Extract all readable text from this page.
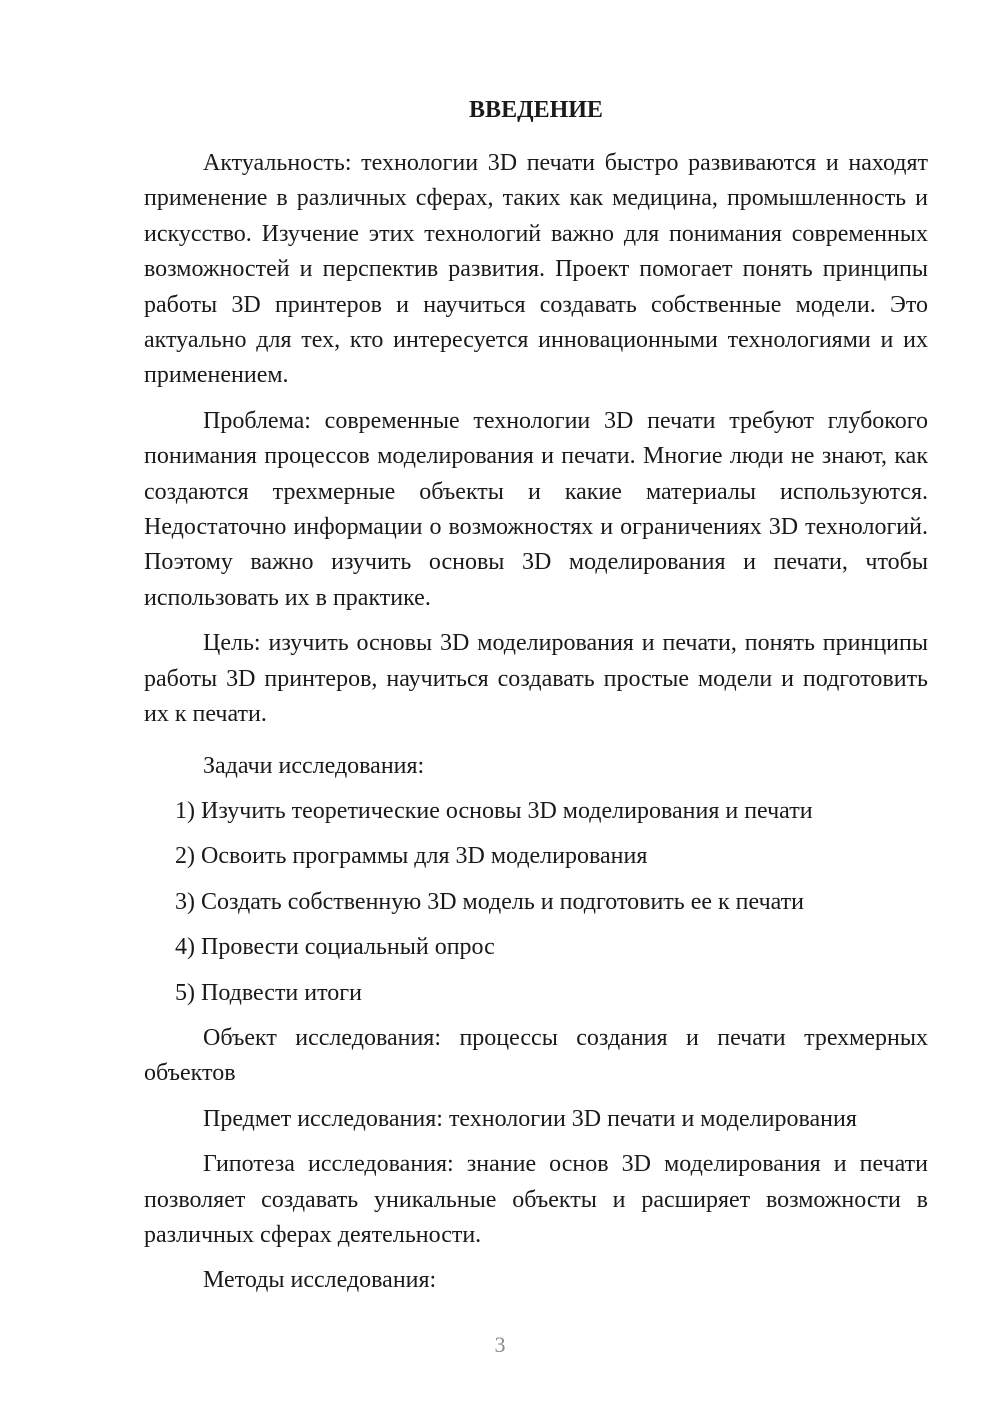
ВВЕДЕНИЕ

Актуальность: технологии 3D печати быстро развиваются и находят применение в различных сферах, таких как медицина, промышленность и искусство. Изучение этих технологий важно для понимания современных возможностей и перспектив развития. Проект помогает понять принципы работы 3D принтеров и научиться создавать собственные модели. Это актуально для тех, кто интересуется инновационными технологиями и их применением.

Проблема: современные технологии 3D печати требуют глубокого понимания процессов моделирования и печати. Многие люди не знают, как создаются трехмерные объекты и какие материалы используются. Недостаточно информации о возможностях и ограничениях 3D технологий. Поэтому важно изучить основы 3D моделирования и печати, чтобы использовать их в практике.

Цель: изучить основы 3D моделирования и печати, понять принципы работы 3D принтеров, научиться создавать простые модели и подготовить их к печати.

Задачи исследования:

1) Изучить теоретические основы 3D моделирования и печати
2) Освоить программы для 3D моделирования
3) Создать собственную 3D модель и подготовить ее к печати
4) Провести социальный опрос
5) Подвести итоги

Объект исследования: процессы создания и печати трехмерных объектов

Предмет исследования: технологии 3D печати и моделирования

Гипотеза исследования: знание основ 3D моделирования и печати позволяет создавать уникальные объекты и расширяет возможности в различных сферах деятельности.

Методы исследования:

3
